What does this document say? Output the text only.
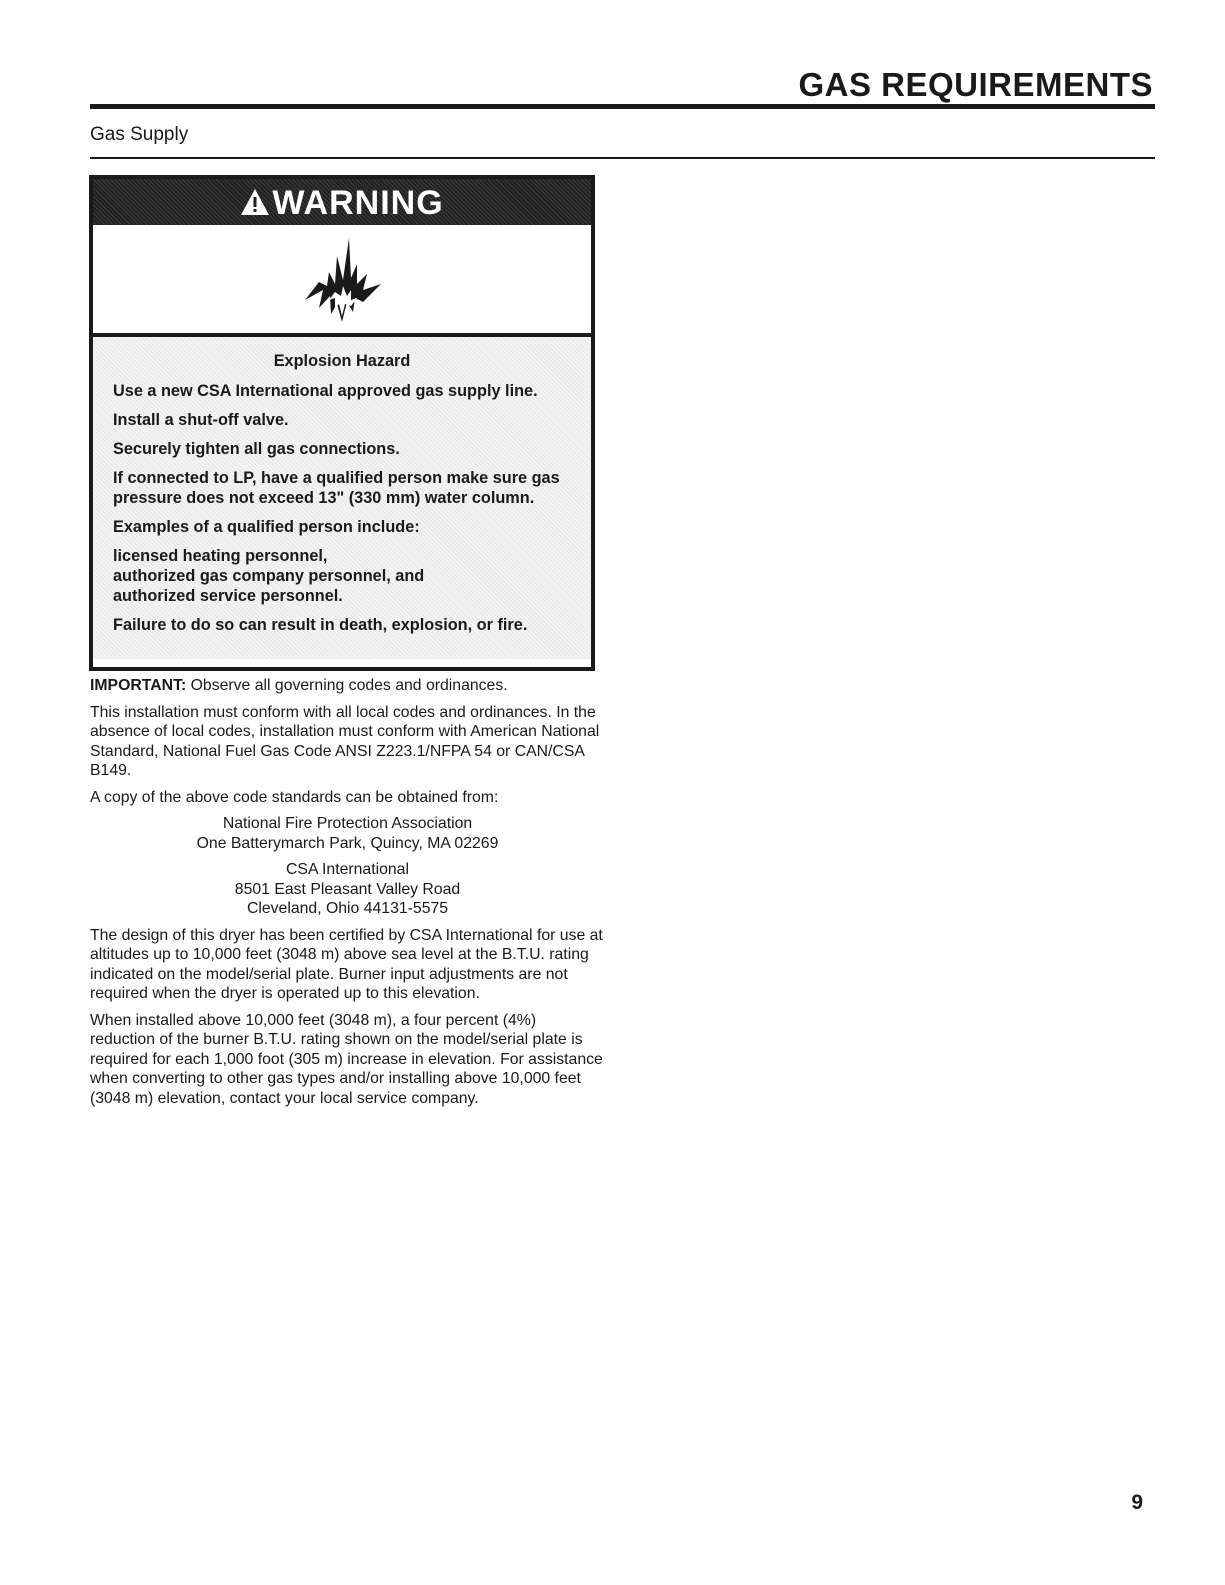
GAS REQUIREMENTS
Gas Supply
WARNING
Explosion Hazard

Use a new CSA International approved gas supply line.

Install a shut-off valve.

Securely tighten all gas connections.

If connected to LP, have a qualified person make sure gas pressure does not exceed 13" (330 mm) water column.

Examples of a qualified person include:

licensed heating personnel,
authorized gas company personnel, and
authorized service personnel.

Failure to do so can result in death, explosion, or fire.

IMPORTANT: Observe all governing codes and ordinances.

This installation must conform with all local codes and ordinances. In the absence of local codes, installation must conform with American National Standard, National Fuel Gas Code ANSI Z223.1/NFPA 54 or CAN/CSA B149.

A copy of the above code standards can be obtained from:

National Fire Protection Association
One Batterymarch Park, Quincy, MA 02269

CSA International
8501 East Pleasant Valley Road
Cleveland, Ohio 44131-5575

The design of this dryer has been certified by CSA International for use at altitudes up to 10,000 feet (3048 m) above sea level at the B.T.U. rating indicated on the model/serial plate. Burner input adjustments are not required when the dryer is operated up to this elevation.

When installed above 10,000 feet (3048 m), a four percent (4%) reduction of the burner B.T.U. rating shown on the model/serial plate is required for each 1,000 foot (305 m) increase in elevation. For assistance when converting to other gas types and/or installing above 10,000 feet (3048 m) elevation, contact your local service company.

9
